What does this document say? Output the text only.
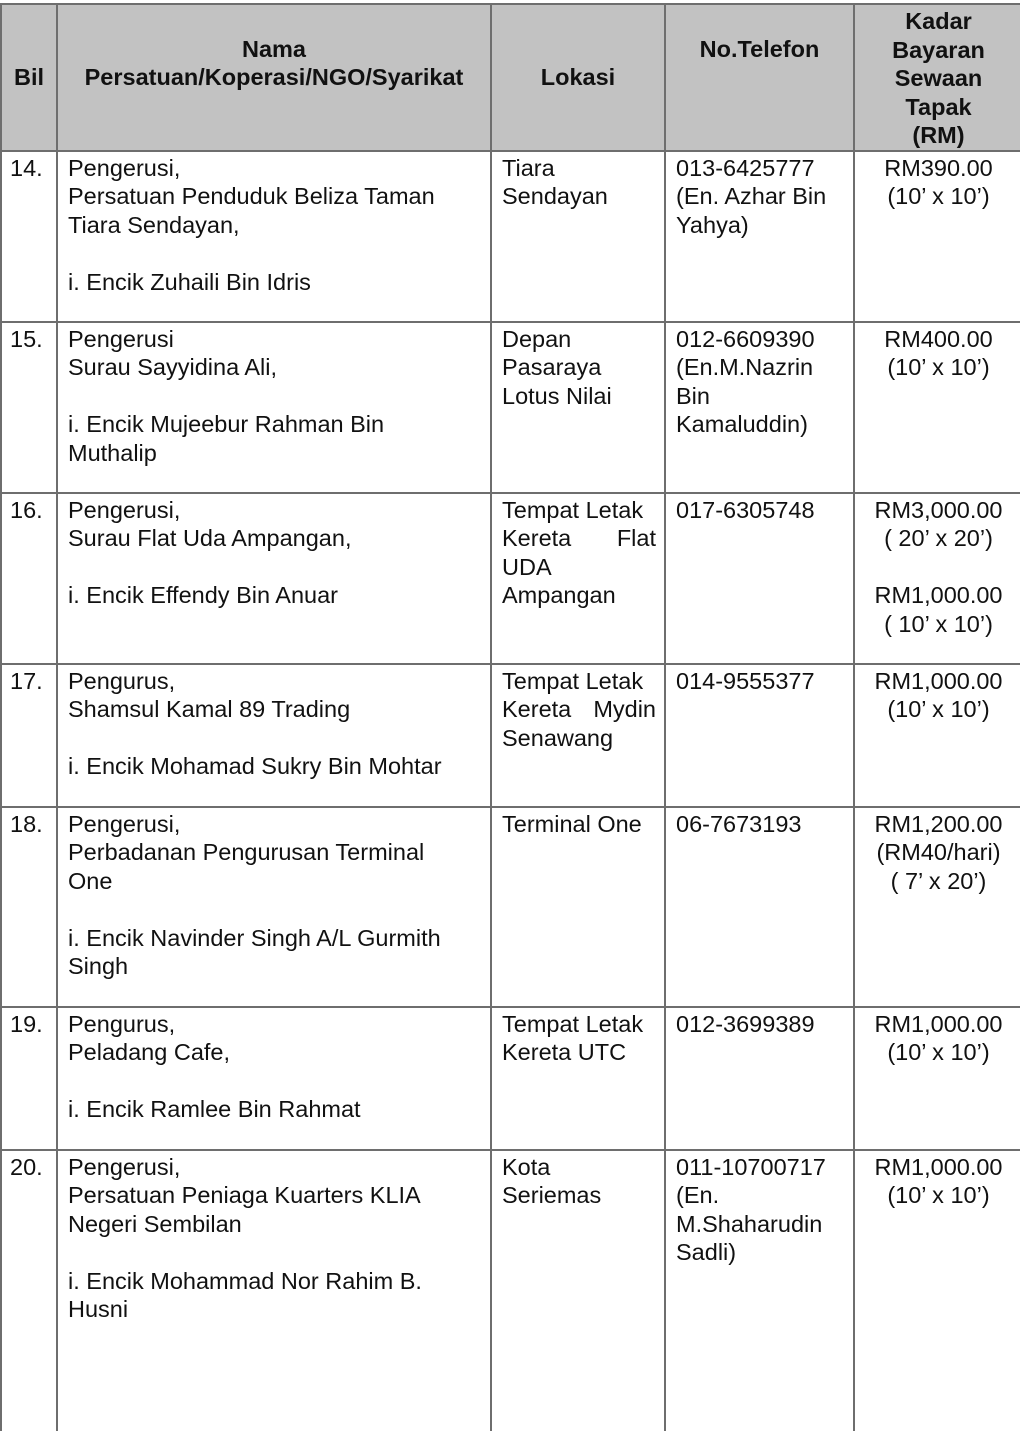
Bil	Nama
Persatuan/Koperasi/NGO/Syarikat	Lokasi	No.Telefon	Kadar
Bayaran
Sewaan
Tapak
(RM)

14.	Pengerusi,
Persatuan Penduduk Beliza Taman
Tiara Sendayan,
i. Encik Zuhaili Bin Idris	Tiara
Sendayan	013-6425777
(En. Azhar Bin
Yahya)	RM390.00
(10’ x 10’)

15.	Pengerusi
Surau Sayyidina Ali,
i. Encik Mujeebur Rahman Bin
Muthalip	Depan
Pasaraya
Lotus Nilai	012-6609390
(En.M.Nazrin
Bin
Kamaluddin)	RM400.00
(10’ x 10’)

16.	Pengerusi,
Surau Flat Uda Ampangan,
i. Encik Effendy Bin Anuar	Tempat Letak
Kereta Flat
UDA
Ampangan	017-6305748	RM3,000.00
( 20’ x 20’)
RM1,000.00
( 10’ x 10’)

17.	Pengurus,
Shamsul Kamal 89 Trading
i. Encik Mohamad Sukry Bin Mohtar	Tempat Letak
Kereta Mydin
Senawang	014-9555377	RM1,000.00
(10’ x 10’)

18.	Pengerusi,
Perbadanan Pengurusan Terminal
One
i. Encik Navinder Singh A/L Gurmith
Singh	Terminal One	06-7673193	RM1,200.00
(RM40/hari)
( 7’ x 20’)

19.	Pengurus,
Peladang Cafe,
i. Encik Ramlee Bin Rahmat	Tempat Letak
Kereta UTC	012-3699389	RM1,000.00
(10’ x 10’)

20.	Pengerusi,
Persatuan Peniaga Kuarters KLIA
Negeri Sembilan
i. Encik Mohammad Nor Rahim B.
Husni	Kota
Seriemas	011-10700717
(En.
M.Shaharudin
Sadli)	RM1,000.00
(10’ x 10’)
